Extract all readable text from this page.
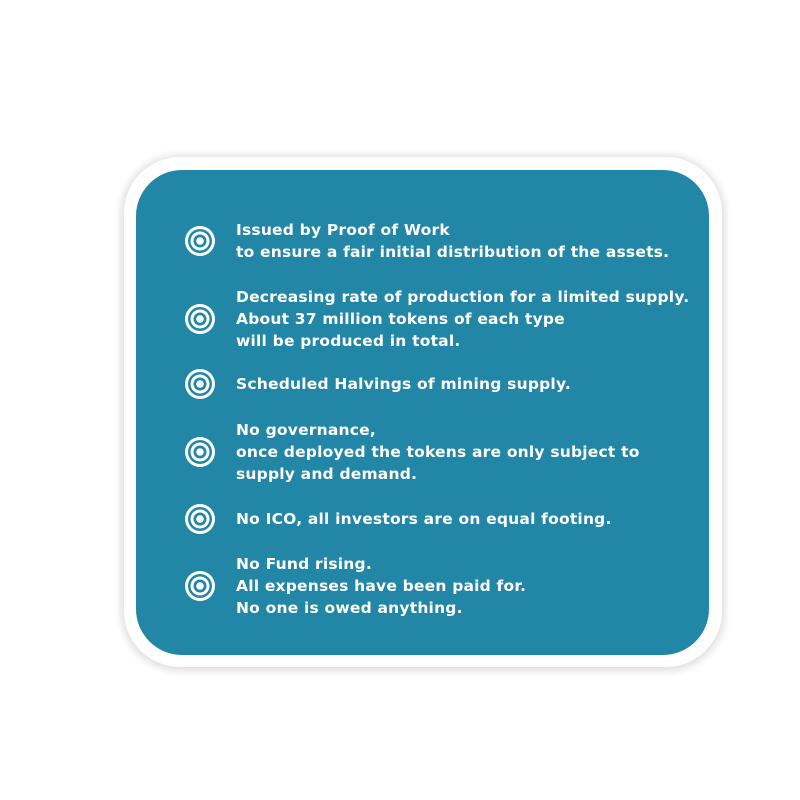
Issued by Proof of Work
to ensure a fair initial distribution of the assets.
Decreasing rate of production for a limited supply.
About 37 million tokens of each type
will be produced in total.
Scheduled Halvings of mining supply.
No governance,
once deployed the tokens are only subject to
supply and demand.
No ICO, all investors are on equal footing.
No Fund rising.
All expenses have been paid for.
No one is owed anything.
